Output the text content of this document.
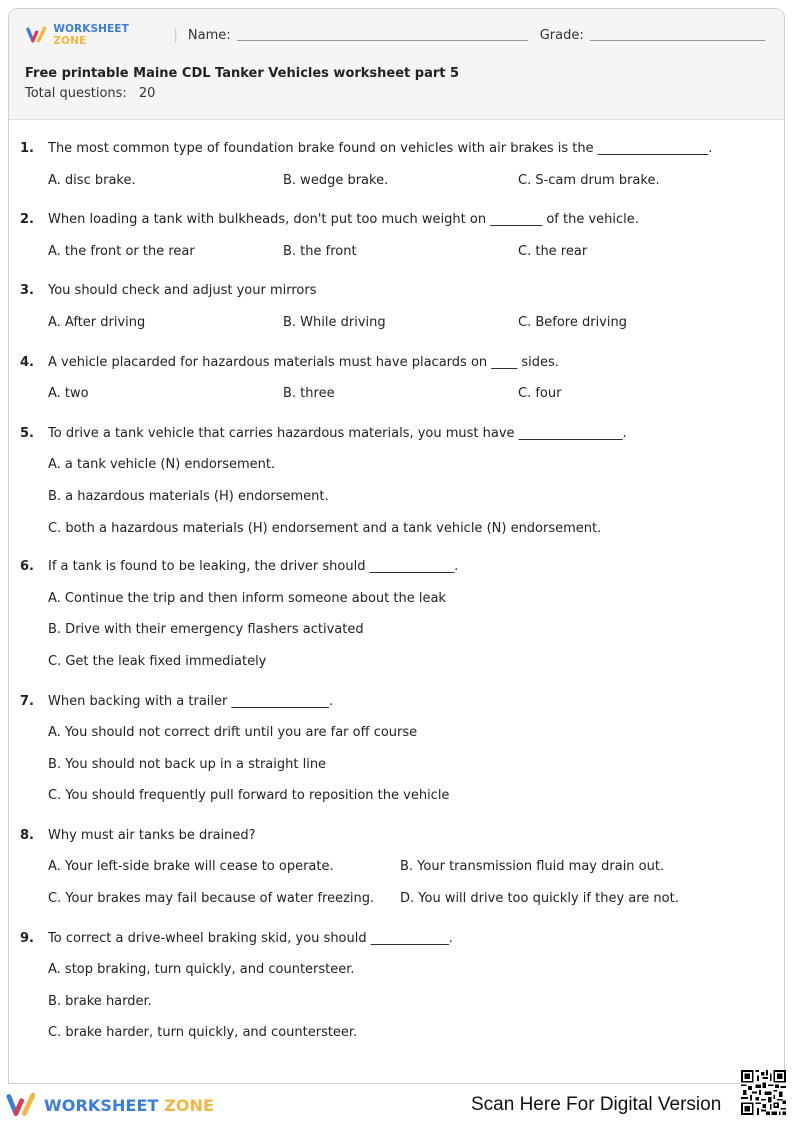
WORKSHEET ZONE	| Name:	Grade:
Free printable Maine CDL Tanker Vehicles worksheet part 5
Total questions: 20
1.	The most common type of foundation brake found on vehicles with air brakes is the _________________.
A. disc brake.	B. wedge brake.	C. S-cam drum brake.
2.	When loading a tank with bulkheads, don't put too much weight on ________ of the vehicle.
A. the front or the rear	B. the front	C. the rear
3.	You should check and adjust your mirrors
A. After driving	B. While driving	C. Before driving
4.	A vehicle placarded for hazardous materials must have placards on ____ sides.
A. two	B. three	C. four
5.	To drive a tank vehicle that carries hazardous materials, you must have ________________.
A. a tank vehicle (N) endorsement.
B. a hazardous materials (H) endorsement.
C. both a hazardous materials (H) endorsement and a tank vehicle (N) endorsement.
6.	If a tank is found to be leaking, the driver should _____________.
A. Continue the trip and then inform someone about the leak
B. Drive with their emergency flashers activated
C. Get the leak fixed immediately
7.	When backing with a trailer _______________.
A. You should not correct drift until you are far off course
B. You should not back up in a straight line
C. You should frequently pull forward to reposition the vehicle
8.	Why must air tanks be drained?
A. Your left-side brake will cease to operate.	B. Your transmission fluid may drain out.
C. Your brakes may fail because of water freezing. D. You will drive too quickly if they are not.
9.	To correct a drive-wheel braking skid, you should ____________.
A. stop braking, turn quickly, and countersteer.
B. brake harder.
C. brake harder, turn quickly, and countersteer.
WORKSHEET ZONE	Scan Here For Digital Version
